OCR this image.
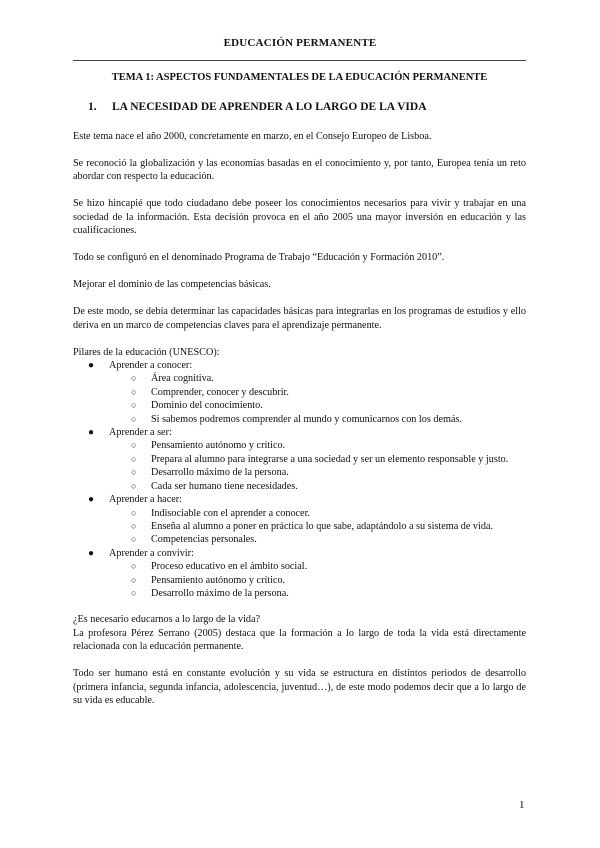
EDUCACIÓN PERMANENTE
TEMA 1: ASPECTOS FUNDAMENTALES DE LA EDUCACIÓN PERMANENTE
1. LA NECESIDAD DE APRENDER A LO LARGO DE LA VIDA

Este tema nace el año 2000, concretamente en marzo, en el Consejo Europeo de Lisboa.

Se reconoció la globalización y las economías basadas en el conocimiento y, por tanto, Europea tenía un reto abordar con respecto la educación.

Se hizo hincapié que todo ciudadano debe poseer los conocimientos necesarios para vivir y trabajar en una sociedad de la información. Esta decisión provoca en el año 2005 una mayor inversión en educación y las cualificaciones.

Todo se configuró en el denominado Programa de Trabajo “Educación y Formación 2010”.

Mejorar el dominio de las competencias básicas.

De este modo, se debía determinar las capacidades básicas para integrarlas en los programas de estudios y ello deriva en un marco de competencias claves para el aprendizaje permanente.

Pilares de la educación (UNESCO):

● Aprender a conocer:
○	Área cognitiva.
○	Comprender, conocer y descubrir.
○	Dominio del conocimiento.
○	Si sabemos podremos comprender al mundo y comunicarnos con los demás.
● Aprender a ser:
○	Pensamiento autónomo y crítico.
○	Prepara al alumno para integrarse a una sociedad y ser un elemento responsable y justo.
○	Desarrollo máximo de la persona.
○	Cada ser humano tiene necesidades.
● Aprender a hacer:
○	Indisociable con el aprender a conocer.
○	Enseña al alumno a poner en práctica lo que sabe, adaptándolo a su sistema de vida.
○	Competencias personales.
● Aprender a convivir:
○	Proceso educativo en el ámbito social.
○	Pensamiento autónomo y crítico.
○	Desarrollo máximo de la persona.

¿Es necesario educarnos a lo largo de la vida?

La profesora Pérez Serrano (2005) destaca que la formación a lo largo de toda la vida está directamente relacionada con la educación permanente.

Todo ser humano está en constante evolución y su vida se estructura en distintos periodos de desarrollo (primera infancia, segunda infancia, adolescencia, juventud…), de este modo podemos decir que a lo largo de su vida es educable.

1
